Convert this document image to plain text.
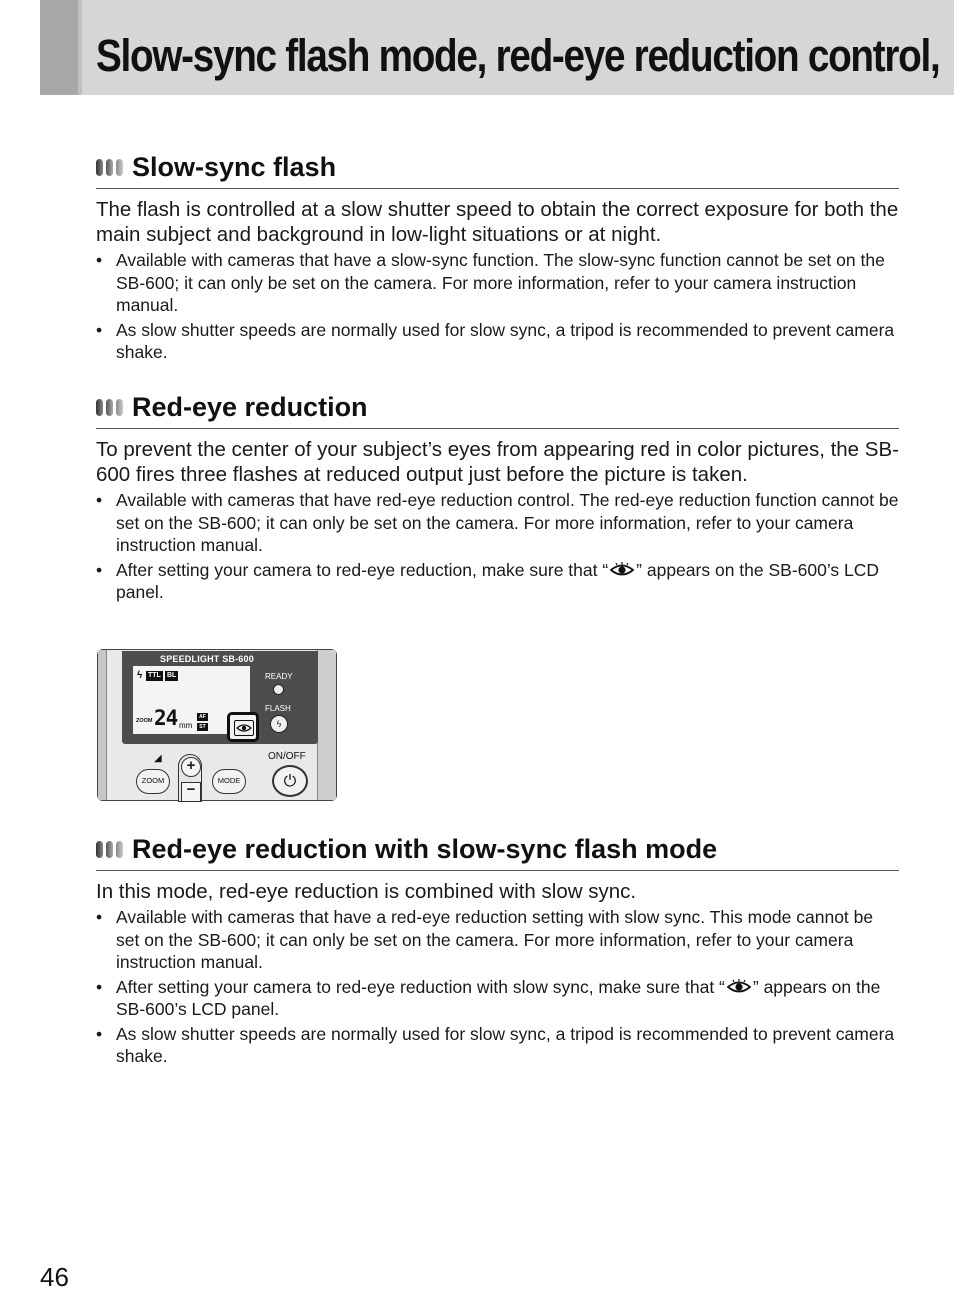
Slow-sync flash mode, red-eye reduction control,
Slow-sync flash

The flash is controlled at a slow shutter speed to obtain the correct exposure for both the main subject and background in low-light situations or at night.

• Available with cameras that have a slow-sync function. The slow-sync function cannot be set on the SB-600; it can only be set on the camera. For more information, refer to your camera instruction manual.
• As slow shutter speeds are normally used for slow sync, a tripod is recommended to prevent camera shake.
Red-eye reduction

To prevent the center of your subject’s eyes from appearing red in color pictures, the SB-600 fires three flashes at reduced output just before the picture is taken.

• Available with cameras that have red-eye reduction control. The red-eye reduction function cannot be set on the SB-600; it can only be set on the camera. For more information, refer to your camera instruction manual.
• After setting your camera to red-eye reduction, make sure that “ ” appears on the SB-600’s LCD panel.
SPEEDLIGHT SB-600
ϟ TTL BL
ZOOM 24 mm
AF
ST
READY
FLASH
ϟ
◢
ZOOM
+
−
MODE
ON/OFF
⏻
Red-eye reduction with slow-sync flash mode

In this mode, red-eye reduction is combined with slow sync.

• Available with cameras that have a red-eye reduction setting with slow sync. This mode cannot be set on the SB-600; it can only be set on the camera. For more information, refer to your camera instruction manual.
• After setting your camera to red-eye reduction with slow sync, make sure that “ ” appears on the SB-600’s LCD panel.
• As slow shutter speeds are normally used for slow sync, a tripod is recommended to prevent camera shake.
46
